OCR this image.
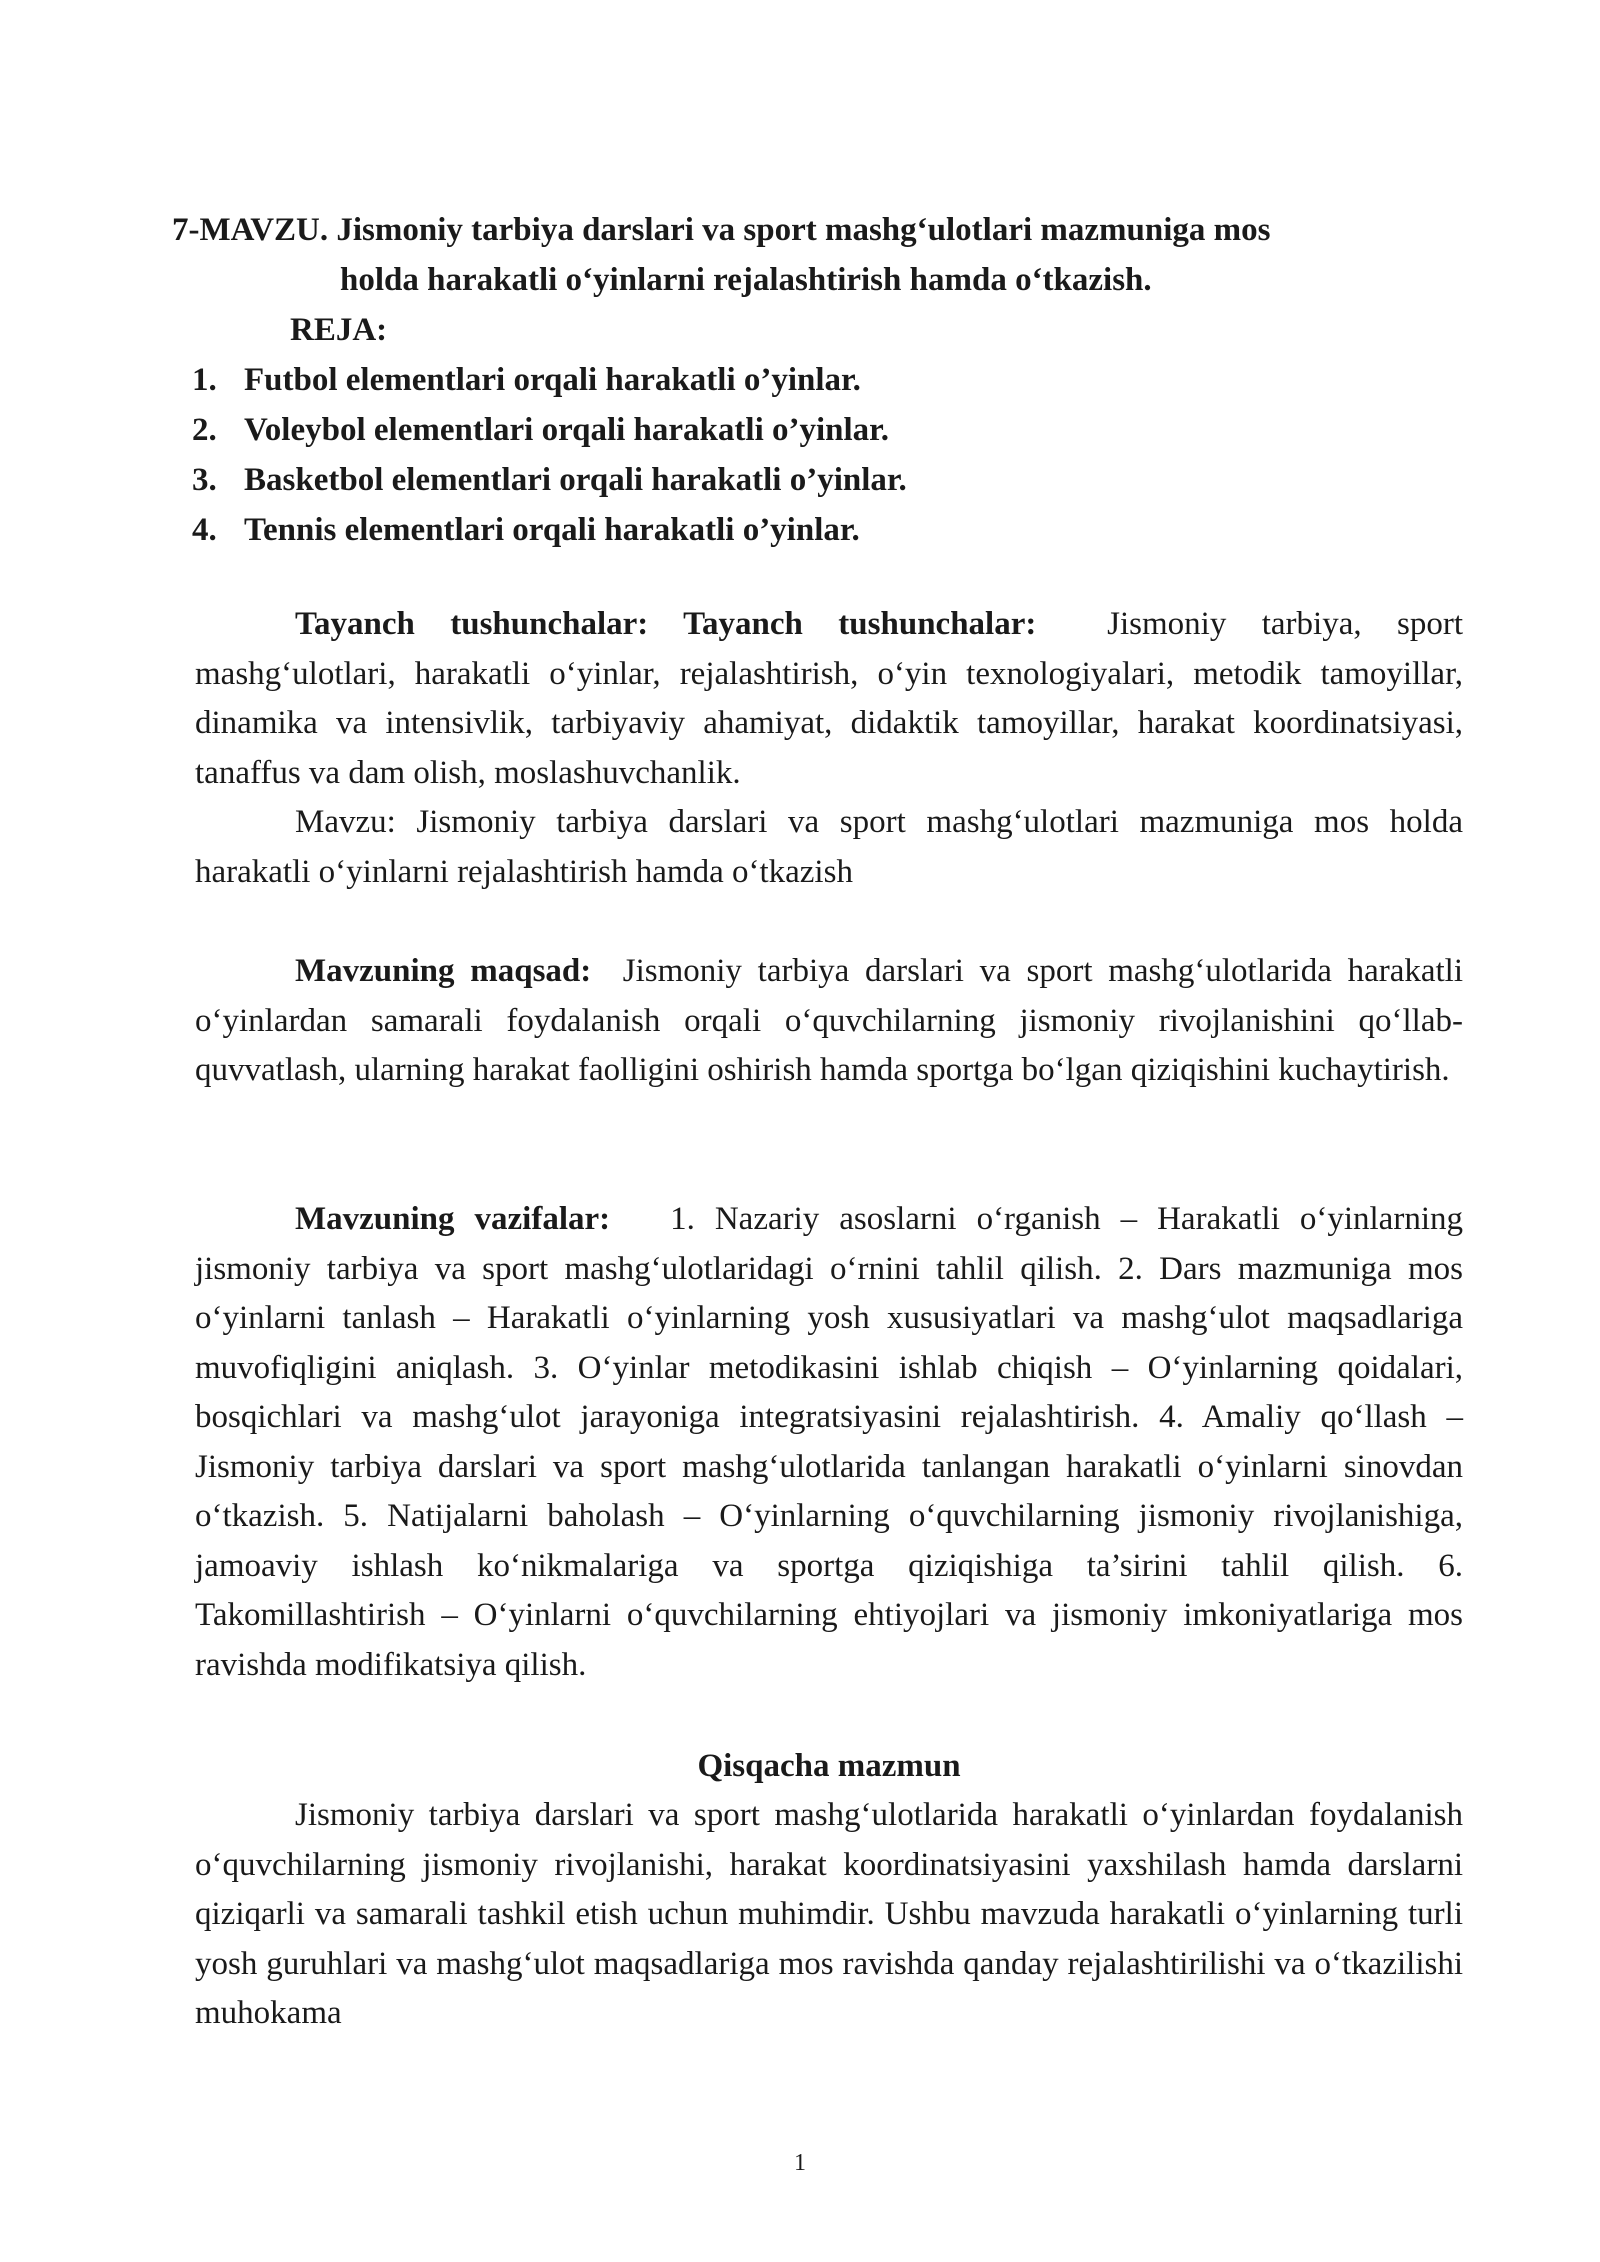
7-MAVZU. Jismoniy tarbiya darslari va sport mashg‘ulotlari mazmuniga mos
holda harakatli o‘yinlarni rejalashtirish hamda o‘tkazish.
REJA:
1. Futbol elementlari orqali harakatli o’yinlar.
2. Voleybol elementlari orqali harakatli o’yinlar.
3. Basketbol elementlari orqali harakatli o’yinlar.
4. Tennis elementlari orqali harakatli o’yinlar.

Tayanch tushunchalar: Tayanch tushunchalar: Jismoniy tarbiya, sport mashg‘ulotlari, harakatli o‘yinlar, rejalashtirish, o‘yin texnologiyalari, metodik tamoyillar, dinamika va intensivlik, tarbiyaviy ahamiyat, didaktik tamoyillar, harakat koordinatsiyasi, tanaffus va dam olish, moslashuvchanlik.

Mavzu: Jismoniy tarbiya darslari va sport mashg‘ulotlari mazmuniga mos holda harakatli o‘yinlarni rejalashtirish hamda o‘tkazish

Mavzuning maqsad: Jismoniy tarbiya darslari va sport mashg‘ulotlarida harakatli o‘yinlardan samarali foydalanish orqali o‘quvchilarning jismoniy rivojlanishini qo‘llab-quvvatlash, ularning harakat faolligini oshirish hamda sportga bo‘lgan qiziqishini kuchaytirish.

Mavzuning vazifalar: 1. Nazariy asoslarni o‘rganish – Harakatli o‘yinlarning jismoniy tarbiya va sport mashg‘ulotlaridagi o‘rnini tahlil qilish. 2. Dars mazmuniga mos o‘yinlarni tanlash – Harakatli o‘yinlarning yosh xususiyatlari va mashg‘ulot maqsadlariga muvofiqligini aniqlash. 3. O‘yinlar metodikasini ishlab chiqish – O‘yinlarning qoidalari, bosqichlari va mashg‘ulot jarayoniga integratsiyasini rejalashtirish. 4. Amaliy qo‘llash – Jismoniy tarbiya darslari va sport mashg‘ulotlarida tanlangan harakatli o‘yinlarni sinovdan o‘tkazish. 5. Natijalarni baholash – O‘yinlarning o‘quvchilarning jismoniy rivojlanishiga, jamoaviy ishlash ko‘nikmalariga va sportga qiziqishiga ta’sirini tahlil qilish. 6. Takomillashtirish – O‘yinlarni o‘quvchilarning ehtiyojlari va jismoniy imkoniyatlariga mos ravishda modifikatsiya qilish.

Qisqacha mazmun

Jismoniy tarbiya darslari va sport mashg‘ulotlarida harakatli o‘yinlardan foydalanish o‘quvchilarning jismoniy rivojlanishi, harakat koordinatsiyasini yaxshilash hamda darslarni qiziqarli va samarali tashkil etish uchun muhimdir. Ushbu mavzuda harakatli o‘yinlarning turli yosh guruhlari va mashg‘ulot maqsadlariga mos ravishda qanday rejalashtirilishi va o‘tkazilishi muhokama

1
